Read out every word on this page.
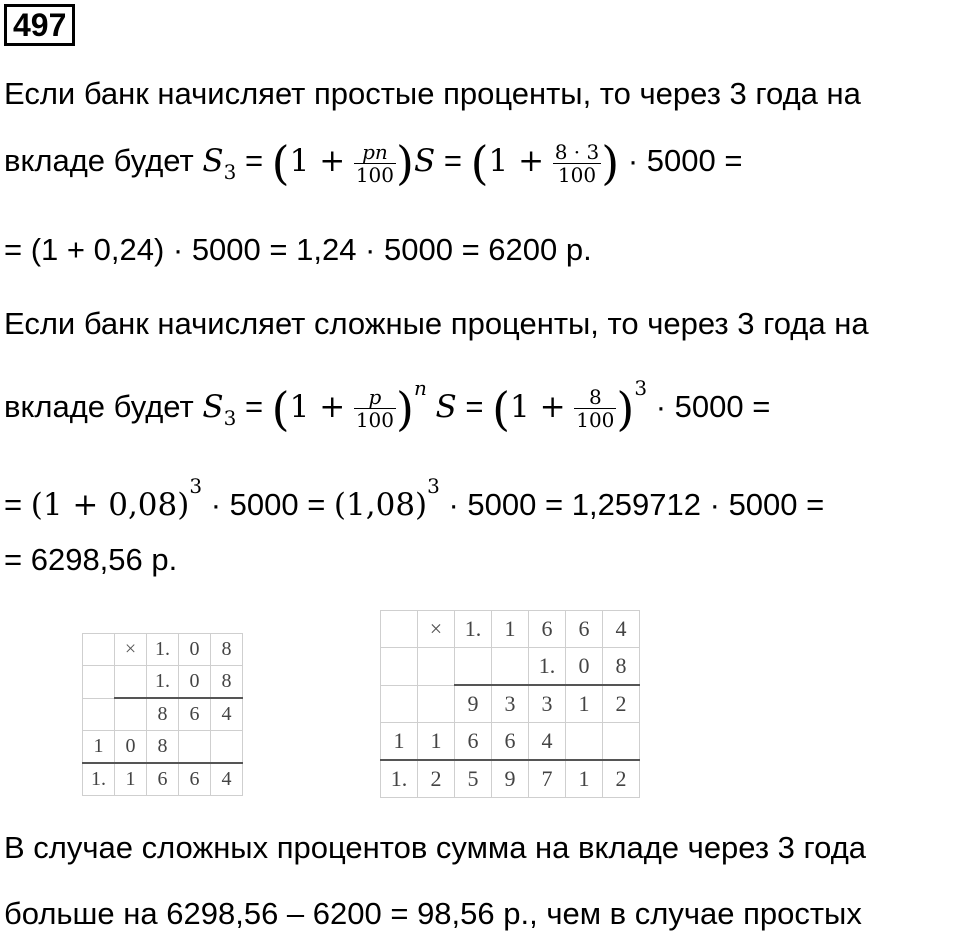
497
Если банк начисляет простые проценты, то через 3 года на
вкладе будет $S_3 = (1 + \frac{pn}{100} )S = (1 + \frac{8 \cdot 3}{100}$ ) · 5000 =
= (1 + 0,24) · 5000 = 1,24 · 5000 = 6200 р.
Если банк начисляет сложные проценты, то через 3 года на
вкладе будет $S_3 = (1 + \frac{p}{100} )^n$ $S = (1 + \frac{8}{100} )^3 \cdot 5000$ =
= $(1 + 0,08)^3 \cdot 5000 = (1,08)^3 \cdot 5000 = 1,259712 \cdot 5000$ =
= 6298,56 р.
	×	1.	0	8
		1.	0	8
		8	6	4
1	0	8		
1.	1	6	6	4
	×	1.	1	6	6	4
				1.	0	8
		9	3	3	1	2
1	1	6	6	4		
1.	2	5	9	7	1	2
В случае сложных процентов сумма на вкладе через 3 года
больше на 6298,56 – 6200 = 98,56 р., чем в случае простых
